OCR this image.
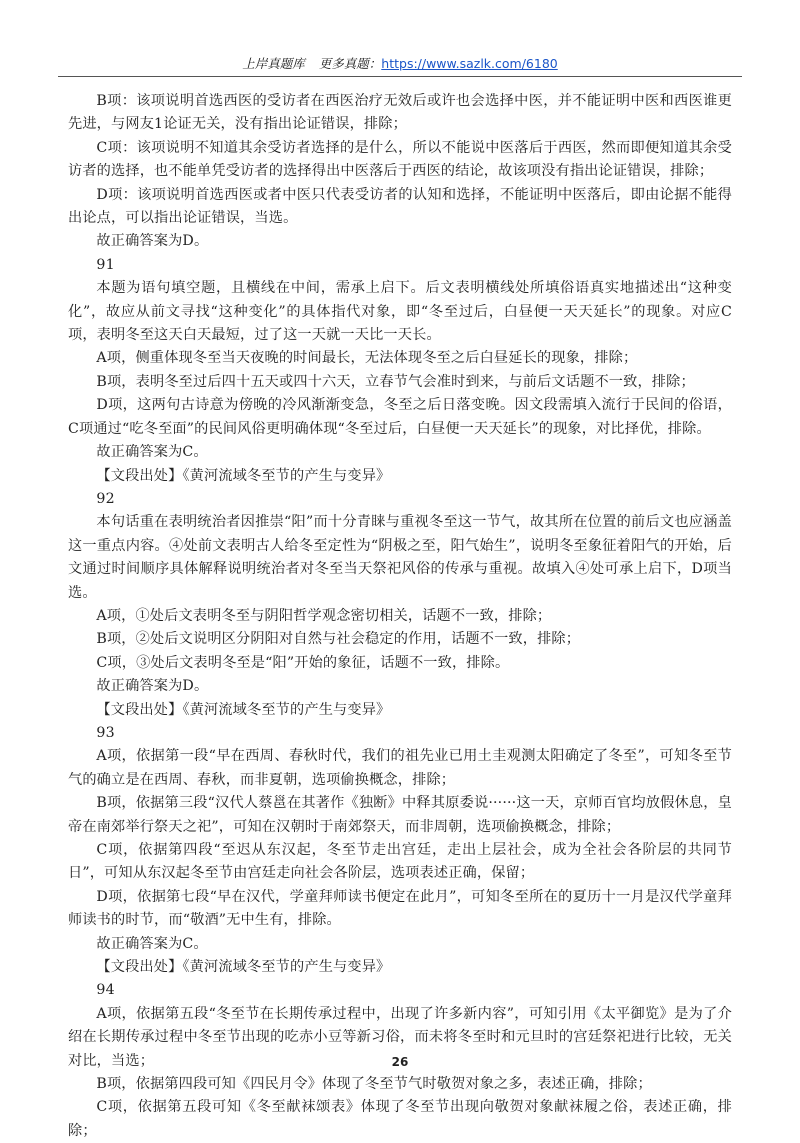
上岸真题库 更多真题：https://www.sazlk.com/6180

B项：该项说明首选西医的受访者在西医治疗无效后或许也会选择中医，并不能证明中医和西医谁更先进，与网友1论证无关，没有指出论证错误，排除；

C项：该项说明不知道其余受访者选择的是什么，所以不能说中医落后于西医，然而即便知道其余受访者的选择，也不能单凭受访者的选择得出中医落后于西医的结论，故该项没有指出论证错误，排除；

D项：该项说明首选西医或者中医只代表受访者的认知和选择，不能证明中医落后，即由论据不能得出论点，可以指出论证错误，当选。

故正确答案为D。

91

本题为语句填空题，且横线在中间，需承上启下。后文表明横线处所填俗语真实地描述出“这种变化”，故应从前文寻找“这种变化”的具体指代对象，即“冬至过后，白昼便一天天延长”的现象。对应C项，表明冬至这天白天最短，过了这一天就一天比一天长。

A项，侧重体现冬至当天夜晚的时间最长，无法体现冬至之后白昼延长的现象，排除；

B项，表明冬至过后四十五天或四十六天，立春节气会准时到来，与前后文话题不一致，排除；

D项，这两句古诗意为傍晚的冷风渐渐变急，冬至之后日落变晚。因文段需填入流行于民间的俗语，C项通过“吃冬至面”的民间风俗更明确体现“冬至过后，白昼便一天天延长”的现象，对比择优，排除。

故正确答案为C。

【文段出处】《黄河流域冬至节的产生与变异》

92

本句话重在表明统治者因推崇“阳”而十分青睐与重视冬至这一节气，故其所在位置的前后文也应涵盖这一重点内容。④处前文表明古人给冬至定性为“阴极之至，阳气始生”，说明冬至象征着阳气的开始，后文通过时间顺序具体解释说明统治者对冬至当天祭祀风俗的传承与重视。故填入④处可承上启下，D项当选。

A项，①处后文表明冬至与阴阳哲学观念密切相关，话题不一致，排除；

B项，②处后文说明区分阴阳对自然与社会稳定的作用，话题不一致，排除；

C项，③处后文表明冬至是“阳”开始的象征，话题不一致，排除。

故正确答案为D。

【文段出处】《黄河流域冬至节的产生与变异》

93

A项，依据第一段“早在西周、春秋时代，我们的祖先业已用土圭观测太阳确定了冬至”，可知冬至节气的确立是在西周、春秋，而非夏朝，选项偷换概念，排除；

B项，依据第三段“汉代人蔡邕在其著作《独断》中释其原委说······这一天，京师百官均放假休息，皇帝在南郊举行祭天之祀”，可知在汉朝时于南郊祭天，而非周朝，选项偷换概念，排除；

C项，依据第四段“至迟从东汉起，冬至节走出宫廷，走出上层社会，成为全社会各阶层的共同节日”，可知从东汉起冬至节由宫廷走向社会各阶层，选项表述正确，保留；

D项，依据第七段“早在汉代，学童拜师读书便定在此月”，可知冬至所在的夏历十一月是汉代学童拜师读书的时节，而“敬酒”无中生有，排除。

故正确答案为C。

【文段出处】《黄河流域冬至节的产生与变异》

94

A项，依据第五段“冬至节在长期传承过程中，出现了许多新内容”，可知引用《太平御览》是为了介绍在长期传承过程中冬至节出现的吃赤小豆等新习俗，而未将冬至时和元旦时的宫廷祭祀进行比较，无关对比，当选；

B项，依据第四段可知《四民月令》体现了冬至节气时敬贺对象之多，表述正确，排除；

C项，依据第五段可知《冬至献袜颂表》体现了冬至节出现向敬贺对象献袜履之俗，表述正确，排除；

26
